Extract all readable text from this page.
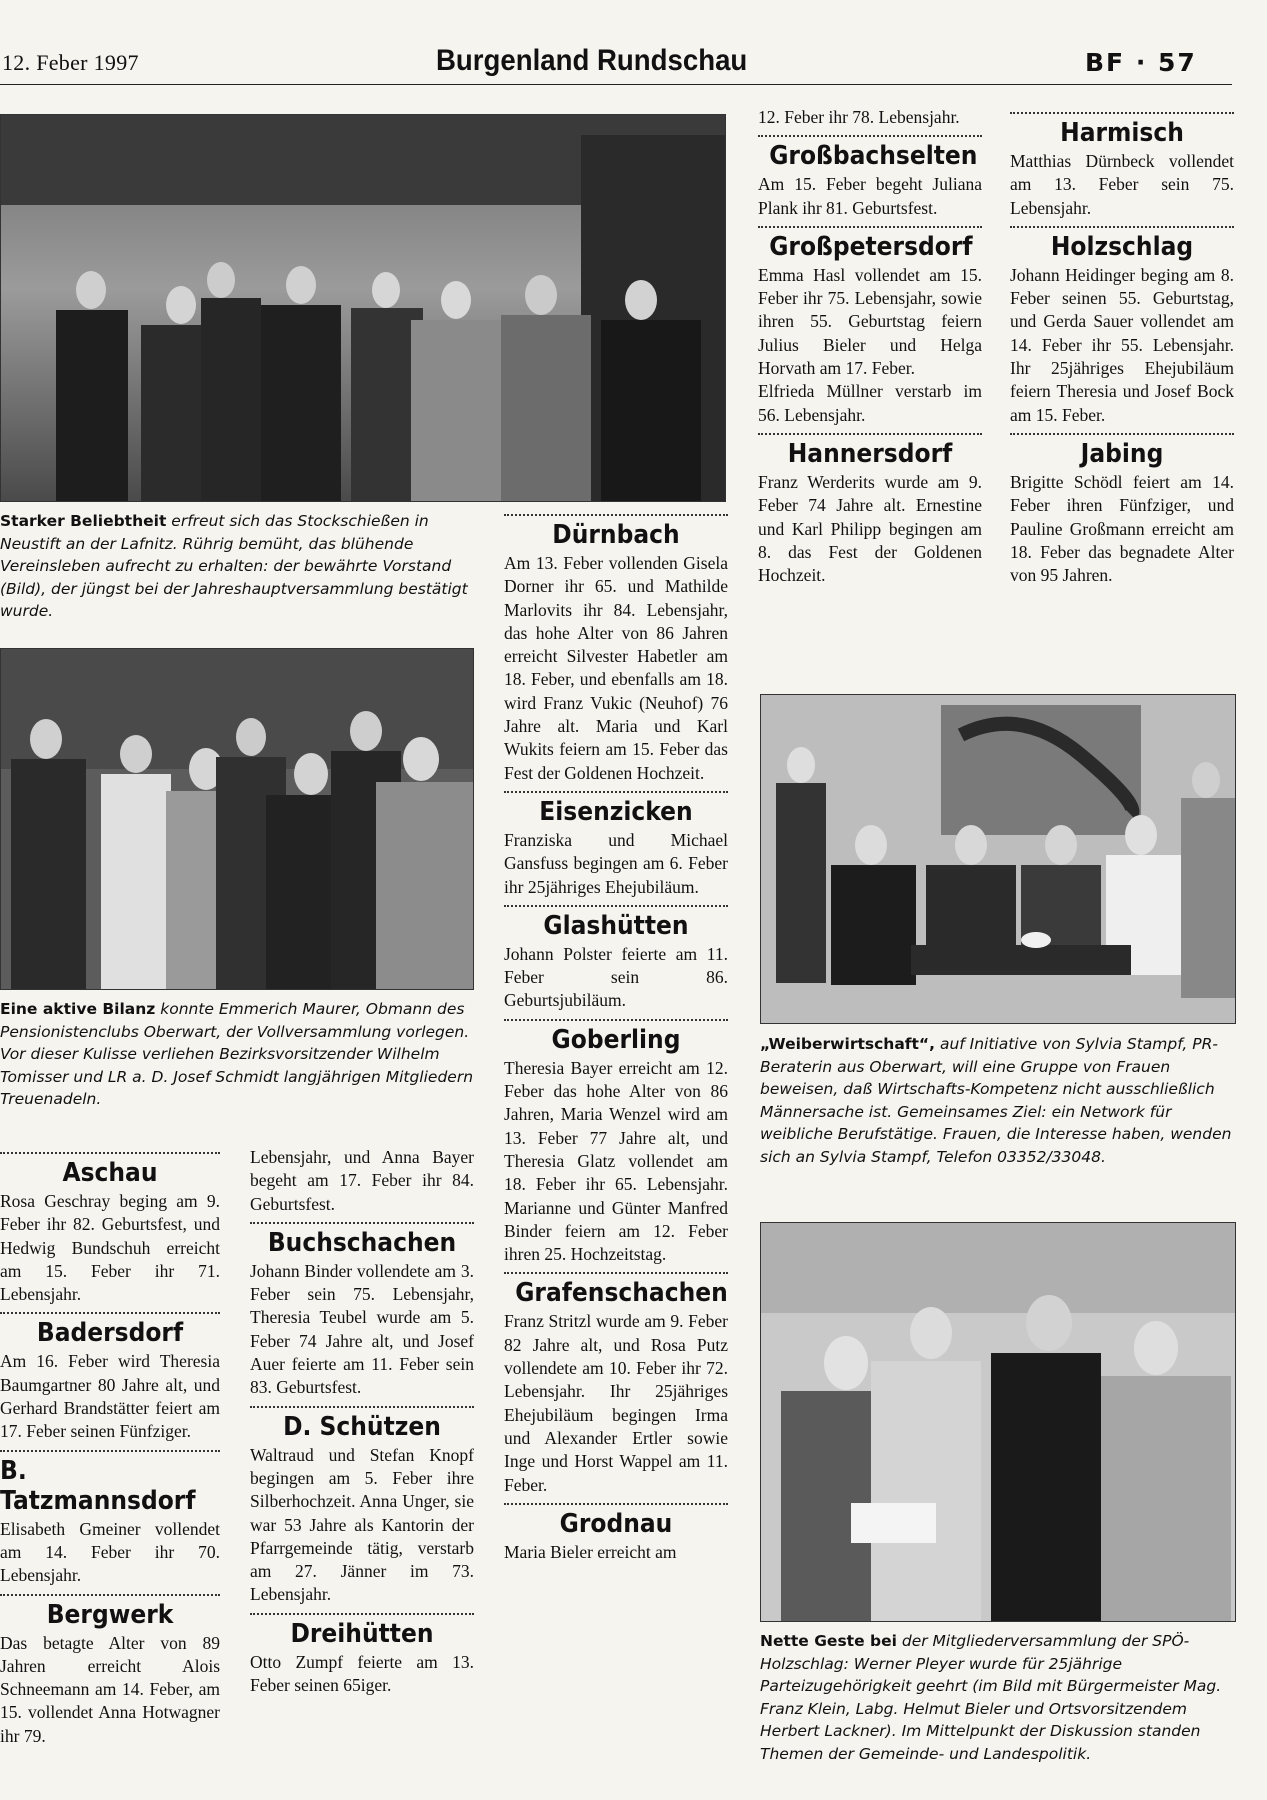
12. Feber 1997	Burgenland Rundschau	BF · 57
Starker Beliebtheit erfreut sich das Stockschießen in Neustift an der Lafnitz. Rührig bemüht, das blühende Vereinsleben aufrecht zu erhalten: der bewährte Vorstand (Bild), der jüngst bei der Jahreshauptversammlung bestätigt wurde.
Eine aktive Bilanz konnte Emmerich Maurer, Obmann des Pensionistenclubs Oberwart, der Vollversammlung vorlegen. Vor dieser Kulisse verliehen Bezirksvorsitzender Wilhelm Tomisser und LR a. D. Josef Schmidt langjährigen Mitgliedern Treuenadeln.
„Weiberwirtschaft“, auf Initiative von Sylvia Stampf, PR-Beraterin aus Oberwart, will eine Gruppe von Frauen beweisen, daß Wirtschafts-Kompetenz nicht ausschließlich Männersache ist. Gemeinsames Ziel: ein Network für weibliche Berufstätige. Frauen, die Interesse haben, wenden sich an Sylvia Stampf, Telefon 03352/33048.
Nette Geste bei der Mitgliederversammlung der SPÖ-Holzschlag: Werner Pleyer wurde für 25jährige Parteizugehörigkeit geehrt (im Bild mit Bürgermeister Mag. Franz Klein, Labg. Helmut Bieler und Ortsvorsitzendem Herbert Lackner). Im Mittelpunkt der Diskussion standen Themen der Gemeinde- und Landespolitik.
Aschau

Rosa Geschray beging am 9. Feber ihr 82. Geburtsfest, und Hedwig Bundschuh erreicht am 15. Feber ihr 71. Lebensjahr.

Badersdorf

Am 16. Feber wird Theresia Baumgartner 80 Jahre alt, und Gerhard Brandstätter feiert am 17. Feber seinen Fünfziger.

B. Tatzmannsdorf

Elisabeth Gmeiner vollendet am 14. Feber ihr 70. Lebensjahr.

Bergwerk

Das betagte Alter von 89 Jahren erreicht Alois Schneemann am 14. Feber, am 15. vollendet Anna Hotwagner ihr 79.

Lebensjahr, und Anna Bayer begeht am 17. Feber ihr 84. Geburtsfest.

Buchschachen

Johann Binder vollendete am 3. Feber sein 75. Lebensjahr, Theresia Teubel wurde am 5. Feber 74 Jahre alt, und Josef Auer feierte am 11. Feber sein 83. Geburtsfest.

D. Schützen

Waltraud und Stefan Knopf begingen am 5. Feber ihre Silberhochzeit. Anna Unger, sie war 53 Jahre als Kantorin der Pfarrgemeinde tätig, verstarb am 27. Jänner im 73. Lebensjahr.

Dreihütten

Otto Zumpf feierte am 13. Feber seinen 65iger.

Dürnbach

Am 13. Feber vollenden Gisela Dorner ihr 65. und Mathilde Marlovits ihr 84. Lebensjahr, das hohe Alter von 86 Jahren erreicht Silvester Habetler am 18. Feber, und ebenfalls am 18. wird Franz Vukic (Neuhof) 76 Jahre alt. Maria und Karl Wukits feiern am 15. Feber das Fest der Goldenen Hochzeit.

Eisenzicken

Franziska und Michael Gansfuss begingen am 6. Feber ihr 25jähriges Ehejubiläum.

Glashütten

Johann Polster feierte am 11. Feber sein 86. Geburtsjubiläum.

Goberling

Theresia Bayer erreicht am 12. Feber das hohe Alter von 86 Jahren, Maria Wenzel wird am 13. Feber 77 Jahre alt, und Theresia Glatz vollendet am 18. Feber ihr 65. Lebensjahr. Marianne und Günter Manfred Binder feiern am 12. Feber ihren 25. Hochzeitstag.

Grafenschachen

Franz Stritzl wurde am 9. Feber 82 Jahre alt, und Rosa Putz vollendete am 10. Feber ihr 72. Lebensjahr. Ihr 25jähriges Ehejubiläum begingen Irma und Alexander Ertler sowie Inge und Horst Wappel am 11. Feber.

Grodnau

Maria Bieler erreicht am

12. Feber ihr 78. Lebensjahr.

Großbachselten

Am 15. Feber begeht Juliana Plank ihr 81. Geburtsfest.

Großpetersdorf

Emma Hasl vollendet am 15. Feber ihr 75. Lebensjahr, sowie ihren 55. Geburtstag feiern Julius Bieler und Helga Horvath am 17. Feber.

Elfrieda Müllner verstarb im 56. Lebensjahr.

Hannersdorf

Franz Werderits wurde am 9. Feber 74 Jahre alt. Ernestine und Karl Philipp begingen am 8. das Fest der Goldenen Hochzeit.

Harmisch

Matthias Dürnbeck vollendet am 13. Feber sein 75. Lebensjahr.

Holzschlag

Johann Heidinger beging am 8. Feber seinen 55. Geburtstag, und Gerda Sauer vollendet am 14. Feber ihr 55. Lebensjahr. Ihr 25jähriges Ehejubiläum feiern Theresia und Josef Bock am 15. Feber.

Jabing

Brigitte Schödl feiert am 14. Feber ihren Fünfziger, und Pauline Großmann erreicht am 18. Feber das begnadete Alter von 95 Jahren.
